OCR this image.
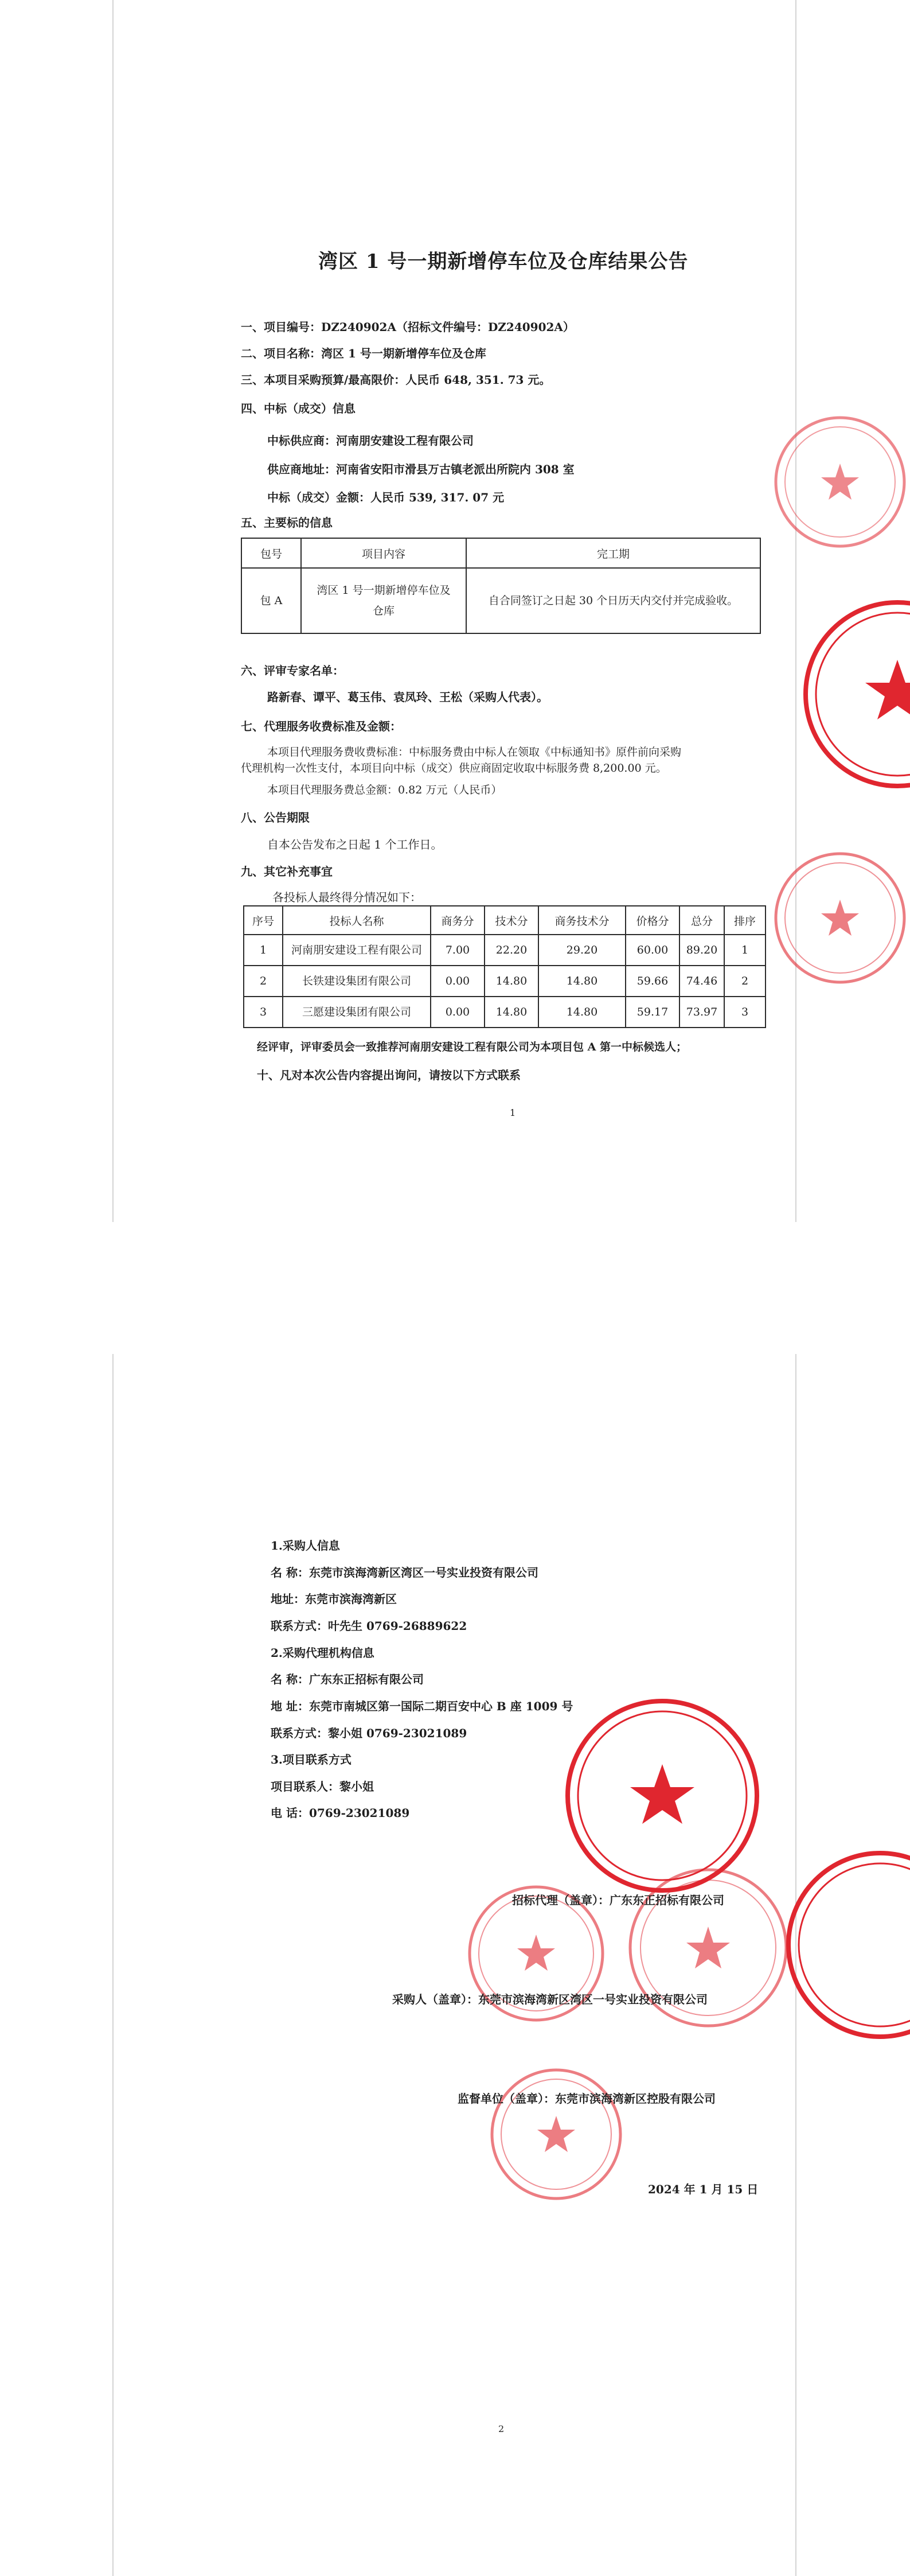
湾区 1 号一期新增停车位及仓库结果公告
一、项目编号：DZ240902A（招标文件编号：DZ240902A）
二、项目名称：湾区 1 号一期新增停车位及仓库
三、本项目采购预算/最高限价：人民币 648, 351. 73 元。
四、中标（成交）信息
中标供应商：河南朋安建设工程有限公司
供应商地址：河南省安阳市滑县万古镇老派出所院内 308 室
中标（成交）金额：人民币 539, 317. 07 元
五、主要标的信息
包号	项目内容	完工期
包 A	湾区 1 号一期新增停车位及仓库	自合同签订之日起 30 个日历天内交付并完成验收。
六、评审专家名单：
路新春、谭平、葛玉伟、袁凤玲、王松（采购人代表）。
七、代理服务收费标准及金额：
本项目代理服务费收费标准：中标服务费由中标人在领取《中标通知书》原件前向采购
代理机构一次性支付，本项目向中标（成交）供应商固定收取中标服务费 8,200.00 元。
本项目代理服务费总金额：0.82 万元（人民币）
八、公告期限
自本公告发布之日起 1 个工作日。
九、其它补充事宜
各投标人最终得分情况如下：
序号	投标人名称	商务分	技术分	商务技术分	价格分	总分	排序
1	河南朋安建设工程有限公司	7.00	22.20	29.20	60.00	89.20	1
2	长铁建设集团有限公司	0.00	14.80	14.80	59.66	74.46	2
3	三愿建设集团有限公司	0.00	14.80	14.80	59.17	73.97	3
经评审，评审委员会一致推荐河南朋安建设工程有限公司为本项目包 A 第一中标候选人；
十、凡对本次公告内容提出询问，请按以下方式联系
1
1.采购人信息
名 称：东莞市滨海湾新区湾区一号实业投资有限公司
地址：东莞市滨海湾新区
联系方式：叶先生 0769-26889622
2.采购代理机构信息
名 称：广东东正招标有限公司
地 址：东莞市南城区第一国际二期百安中心 B 座 1009 号
联系方式：黎小姐 0769-23021089
3.项目联系方式
项目联系人：黎小姐
电 话：0769-23021089
招标代理（盖章）：广东东正招标有限公司
采购人（盖章）：东莞市滨海湾新区湾区一号实业投资有限公司
监督单位（盖章）：东莞市滨海湾新区控股有限公司
2024 年 1 月 15 日
2
